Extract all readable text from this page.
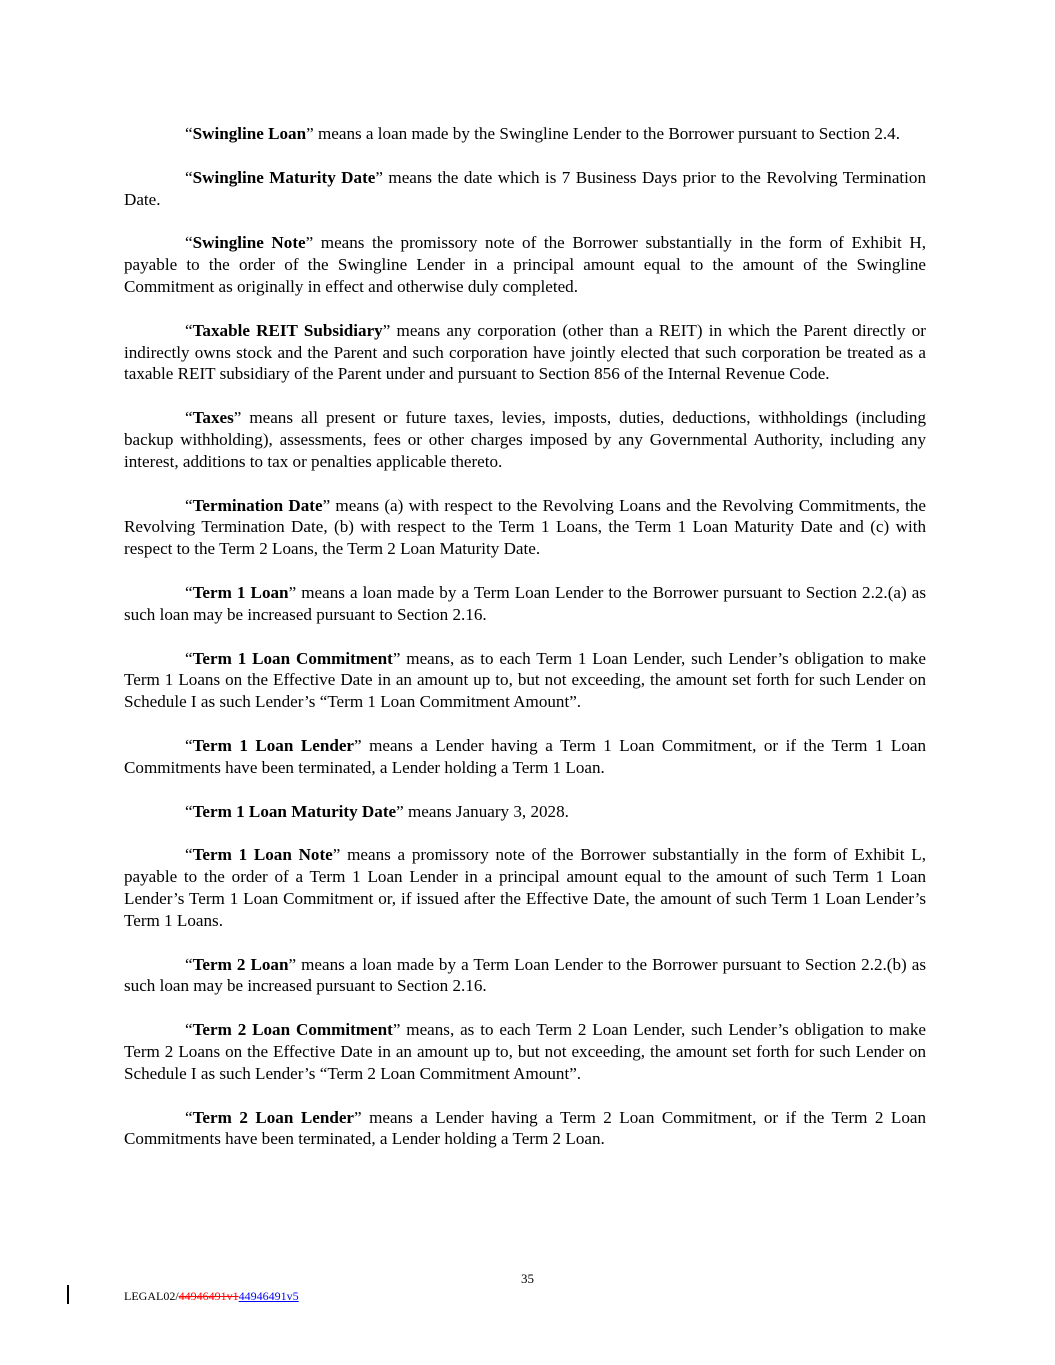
“Swingline Loan” means a loan made by the Swingline Lender to the Borrower pursuant to Section 2.4.

“Swingline Maturity Date” means the date which is 7 Business Days prior to the Revolving Termination Date.

“Swingline Note” means the promissory note of the Borrower substantially in the form of Exhibit H, payable to the order of the Swingline Lender in a principal amount equal to the amount of the Swingline Commitment as originally in effect and otherwise duly completed.

“Taxable REIT Subsidiary” means any corporation (other than a REIT) in which the Parent directly or indirectly owns stock and the Parent and such corporation have jointly elected that such corporation be treated as a taxable REIT subsidiary of the Parent under and pursuant to Section 856 of the Internal Revenue Code.

“Taxes” means all present or future taxes, levies, imposts, duties, deductions, withholdings (including backup withholding), assessments, fees or other charges imposed by any Governmental Authority, including any interest, additions to tax or penalties applicable thereto.

“Termination Date” means (a) with respect to the Revolving Loans and the Revolving Commitments, the Revolving Termination Date, (b) with respect to the Term 1 Loans, the Term 1 Loan Maturity Date and (c) with respect to the Term 2 Loans, the Term 2 Loan Maturity Date.

“Term 1 Loan” means a loan made by a Term Loan Lender to the Borrower pursuant to Section 2.2.(a) as such loan may be increased pursuant to Section 2.16.

“Term 1 Loan Commitment” means, as to each Term 1 Loan Lender, such Lender’s obligation to make Term 1 Loans on the Effective Date in an amount up to, but not exceeding, the amount set forth for such Lender on Schedule I as such Lender’s “Term 1 Loan Commitment Amount”.

“Term 1 Loan Lender” means a Lender having a Term 1 Loan Commitment, or if the Term 1 Loan Commitments have been terminated, a Lender holding a Term 1 Loan.

“Term 1 Loan Maturity Date” means January 3, 2028.

“Term 1 Loan Note” means a promissory note of the Borrower substantially in the form of Exhibit L, payable to the order of a Term 1 Loan Lender in a principal amount equal to the amount of such Term 1 Loan Lender’s Term 1 Loan Commitment or, if issued after the Effective Date, the amount of such Term 1 Loan Lender’s Term 1 Loans.

“Term 2 Loan” means a loan made by a Term Loan Lender to the Borrower pursuant to Section 2.2.(b) as such loan may be increased pursuant to Section 2.16.

“Term 2 Loan Commitment” means, as to each Term 2 Loan Lender, such Lender’s obligation to make Term 2 Loans on the Effective Date in an amount up to, but not exceeding, the amount set forth for such Lender on Schedule I as such Lender’s “Term 2 Loan Commitment Amount”.

“Term 2 Loan Lender” means a Lender having a Term 2 Loan Commitment, or if the Term 2 Loan Commitments have been terminated, a Lender holding a Term 2 Loan.

35
LEGAL02/44946491v144946491v5
